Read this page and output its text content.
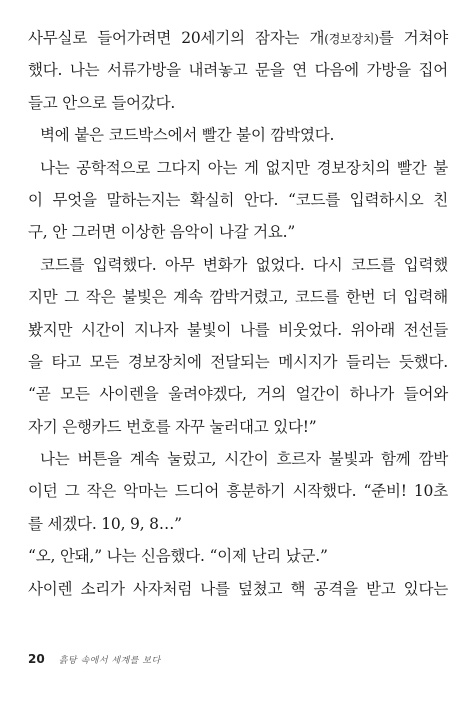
사무실로 들어가려면 20세기의 잠자는 개(경보장치)를 거쳐야
했다. 나는 서류가방을 내려놓고 문을 연 다음에 가방을 집어
들고 안으로 들어갔다.
벽에 붙은 코드박스에서 빨간 불이 깜박였다.
나는 공학적으로 그다지 아는 게 없지만 경보장치의 빨간 불
이 무엇을 말하는지는 확실히 안다. “코드를 입력하시오 친
구, 안 그러면 이상한 음악이 나갈 거요.”
코드를 입력했다. 아무 변화가 없었다. 다시 코드를 입력했
지만 그 작은 불빛은 계속 깜박거렸고, 코드를 한번 더 입력해
봤지만 시간이 지나자 불빛이 나를 비웃었다. 위아래 전선들
을 타고 모든 경보장치에 전달되는 메시지가 들리는 듯했다.
“곧 모든 사이렌을 울려야겠다, 거의 얼간이 하나가 들어와
자기 은행카드 번호를 자꾸 눌러대고 있다!”
나는 버튼을 계속 눌렀고, 시간이 흐르자 불빛과 함께 깜박
이던 그 작은 악마는 드디어 흥분하기 시작했다. “준비! 10초
를 세겠다. 10, 9, 8…”
“오, 안돼,” 나는 신음했다. “이제 난리 났군.”
사이렌 소리가 사자처럼 나를 덮쳤고 핵 공격을 받고 있다는
20 흙탕 속에서 세계를 보다
